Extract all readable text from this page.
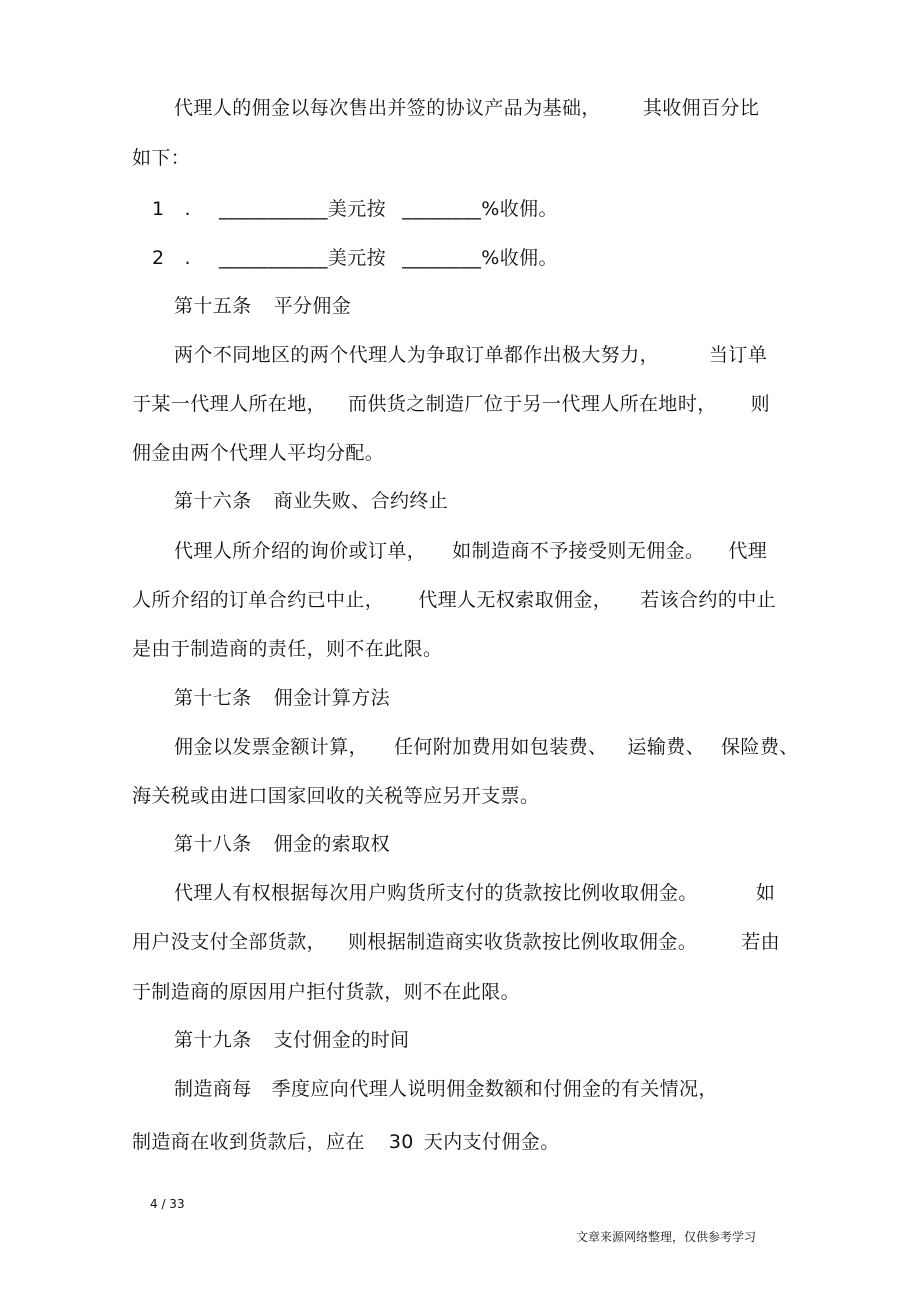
代理人的佣金以每次售出并签的协议产品为基础， 其收佣百分比
如下：
1 . ___________美元按 ________%收佣。
2 . ___________美元按 ________%收佣。
第十五条 平分佣金
两个不同地区的两个代理人为争取订单都作出极大努力，	当订单
于某一代理人所在地， 而供货之制造厂位于另一代理人所在地时， 则
佣金由两个代理人平均分配。
第十六条 商业失败、合约终止
代理人所介绍的询价或订单， 如制造商不予接受则无佣金。 代理
人所介绍的订单合约已中止， 代理人无权索取佣金， 若该合约的中止
是由于制造商的责任，则不在此限。
第十七条 佣金计算方法
佣金以发票金额计算， 任何附加费用如包装费、 运输费、 保险费、
海关税或由进口国家回收的关税等应另开支票。
第十八条 佣金的索取权
代理人有权根据每次用户购货所支付的货款按比例收取佣金。	如
用户没支付全部货款， 则根据制造商实收货款按比例收取佣金。 若由
于制造商的原因用户拒付货款，则不在此限。
第十九条 支付佣金的时间
制造商每 季度应向代理人说明佣金数额和付佣金的有关情况，
制造商在收到货款后，应在 30 天内支付佣金。
4 / 33
文章来源网络整理，仅供参考学习
